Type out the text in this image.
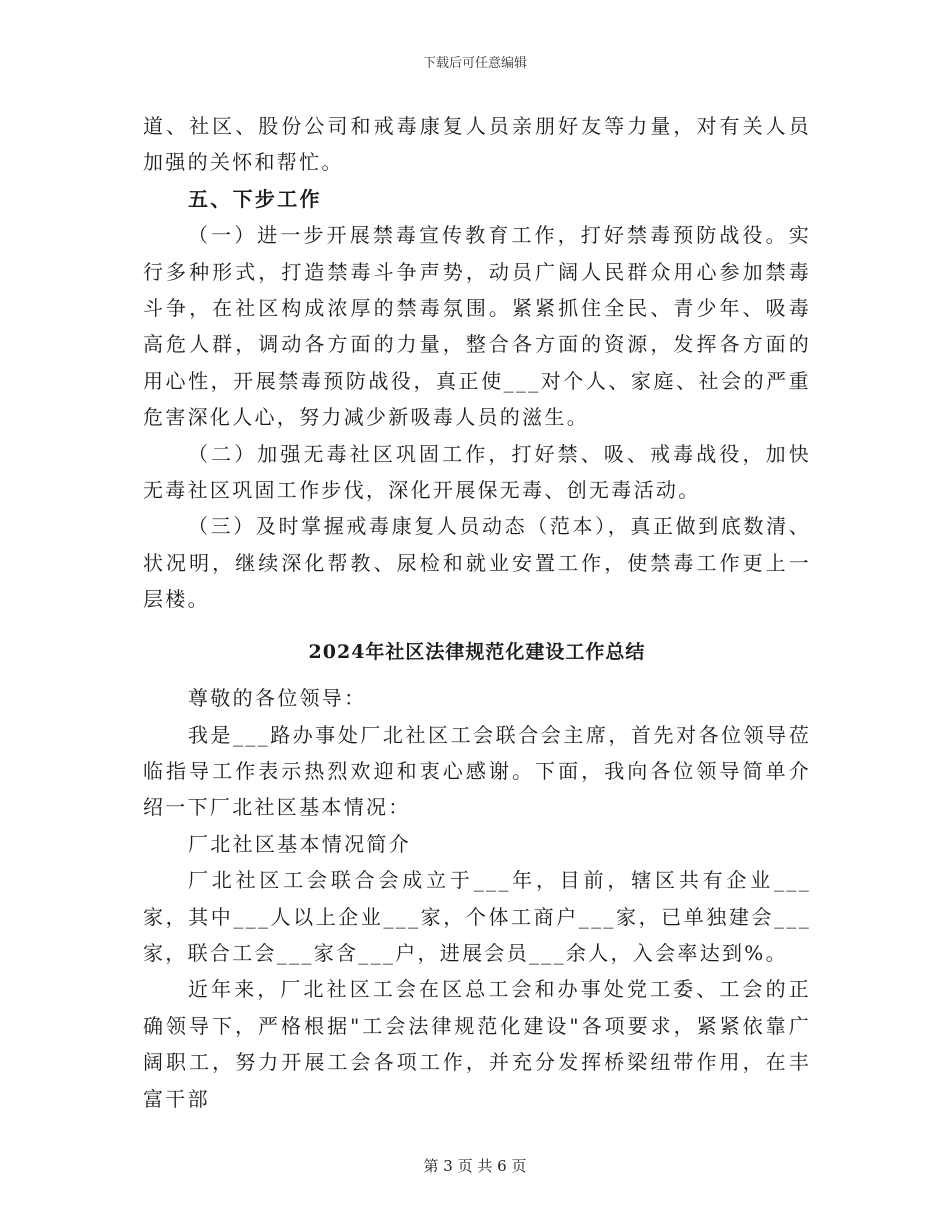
下载后可任意编辑

道、社区、股份公司和戒毒康复人员亲朋好友等力量，对有关人员加强的关怀和帮忙。

五、下步工作

（一）进一步开展禁毒宣传教育工作，打好禁毒预防战役。实行多种形式，打造禁毒斗争声势，动员广阔人民群众用心参加禁毒斗争，在社区构成浓厚的禁毒氛围。紧紧抓住全民、青少年、吸毒高危人群，调动各方面的力量，整合各方面的资源，发挥各方面的用心性，开展禁毒预防战役，真正使___对个人、家庭、社会的严重危害深化人心，努力减少新吸毒人员的滋生。

（二）加强无毒社区巩固工作，打好禁、吸、戒毒战役，加快无毒社区巩固工作步伐，深化开展保无毒、创无毒活动。

（三）及时掌握戒毒康复人员动态（范本），真正做到底数清、状况明，继续深化帮教、尿检和就业安置工作，使禁毒工作更上一层楼。

2024年社区法律规范化建设工作总结

尊敬的各位领导：

我是___路办事处厂北社区工会联合会主席，首先对各位领导莅临指导工作表示热烈欢迎和衷心感谢。下面，我向各位领导简单介绍一下厂北社区基本情况：

厂北社区基本情况简介

厂北社区工会联合会成立于___年，目前，辖区共有企业___家，其中___人以上企业___家，个体工商户___家，已单独建会___家，联合工会___家含___户，进展会员___余人，入会率达到%。

近年来，厂北社区工会在区总工会和办事处党工委、工会的正确领导下，严格根据"工会法律规范化建设"各项要求，紧紧依靠广阔职工，努力开展工会各项工作，并充分发挥桥梁纽带作用，在丰富干部

第 3 页 共 6 页
